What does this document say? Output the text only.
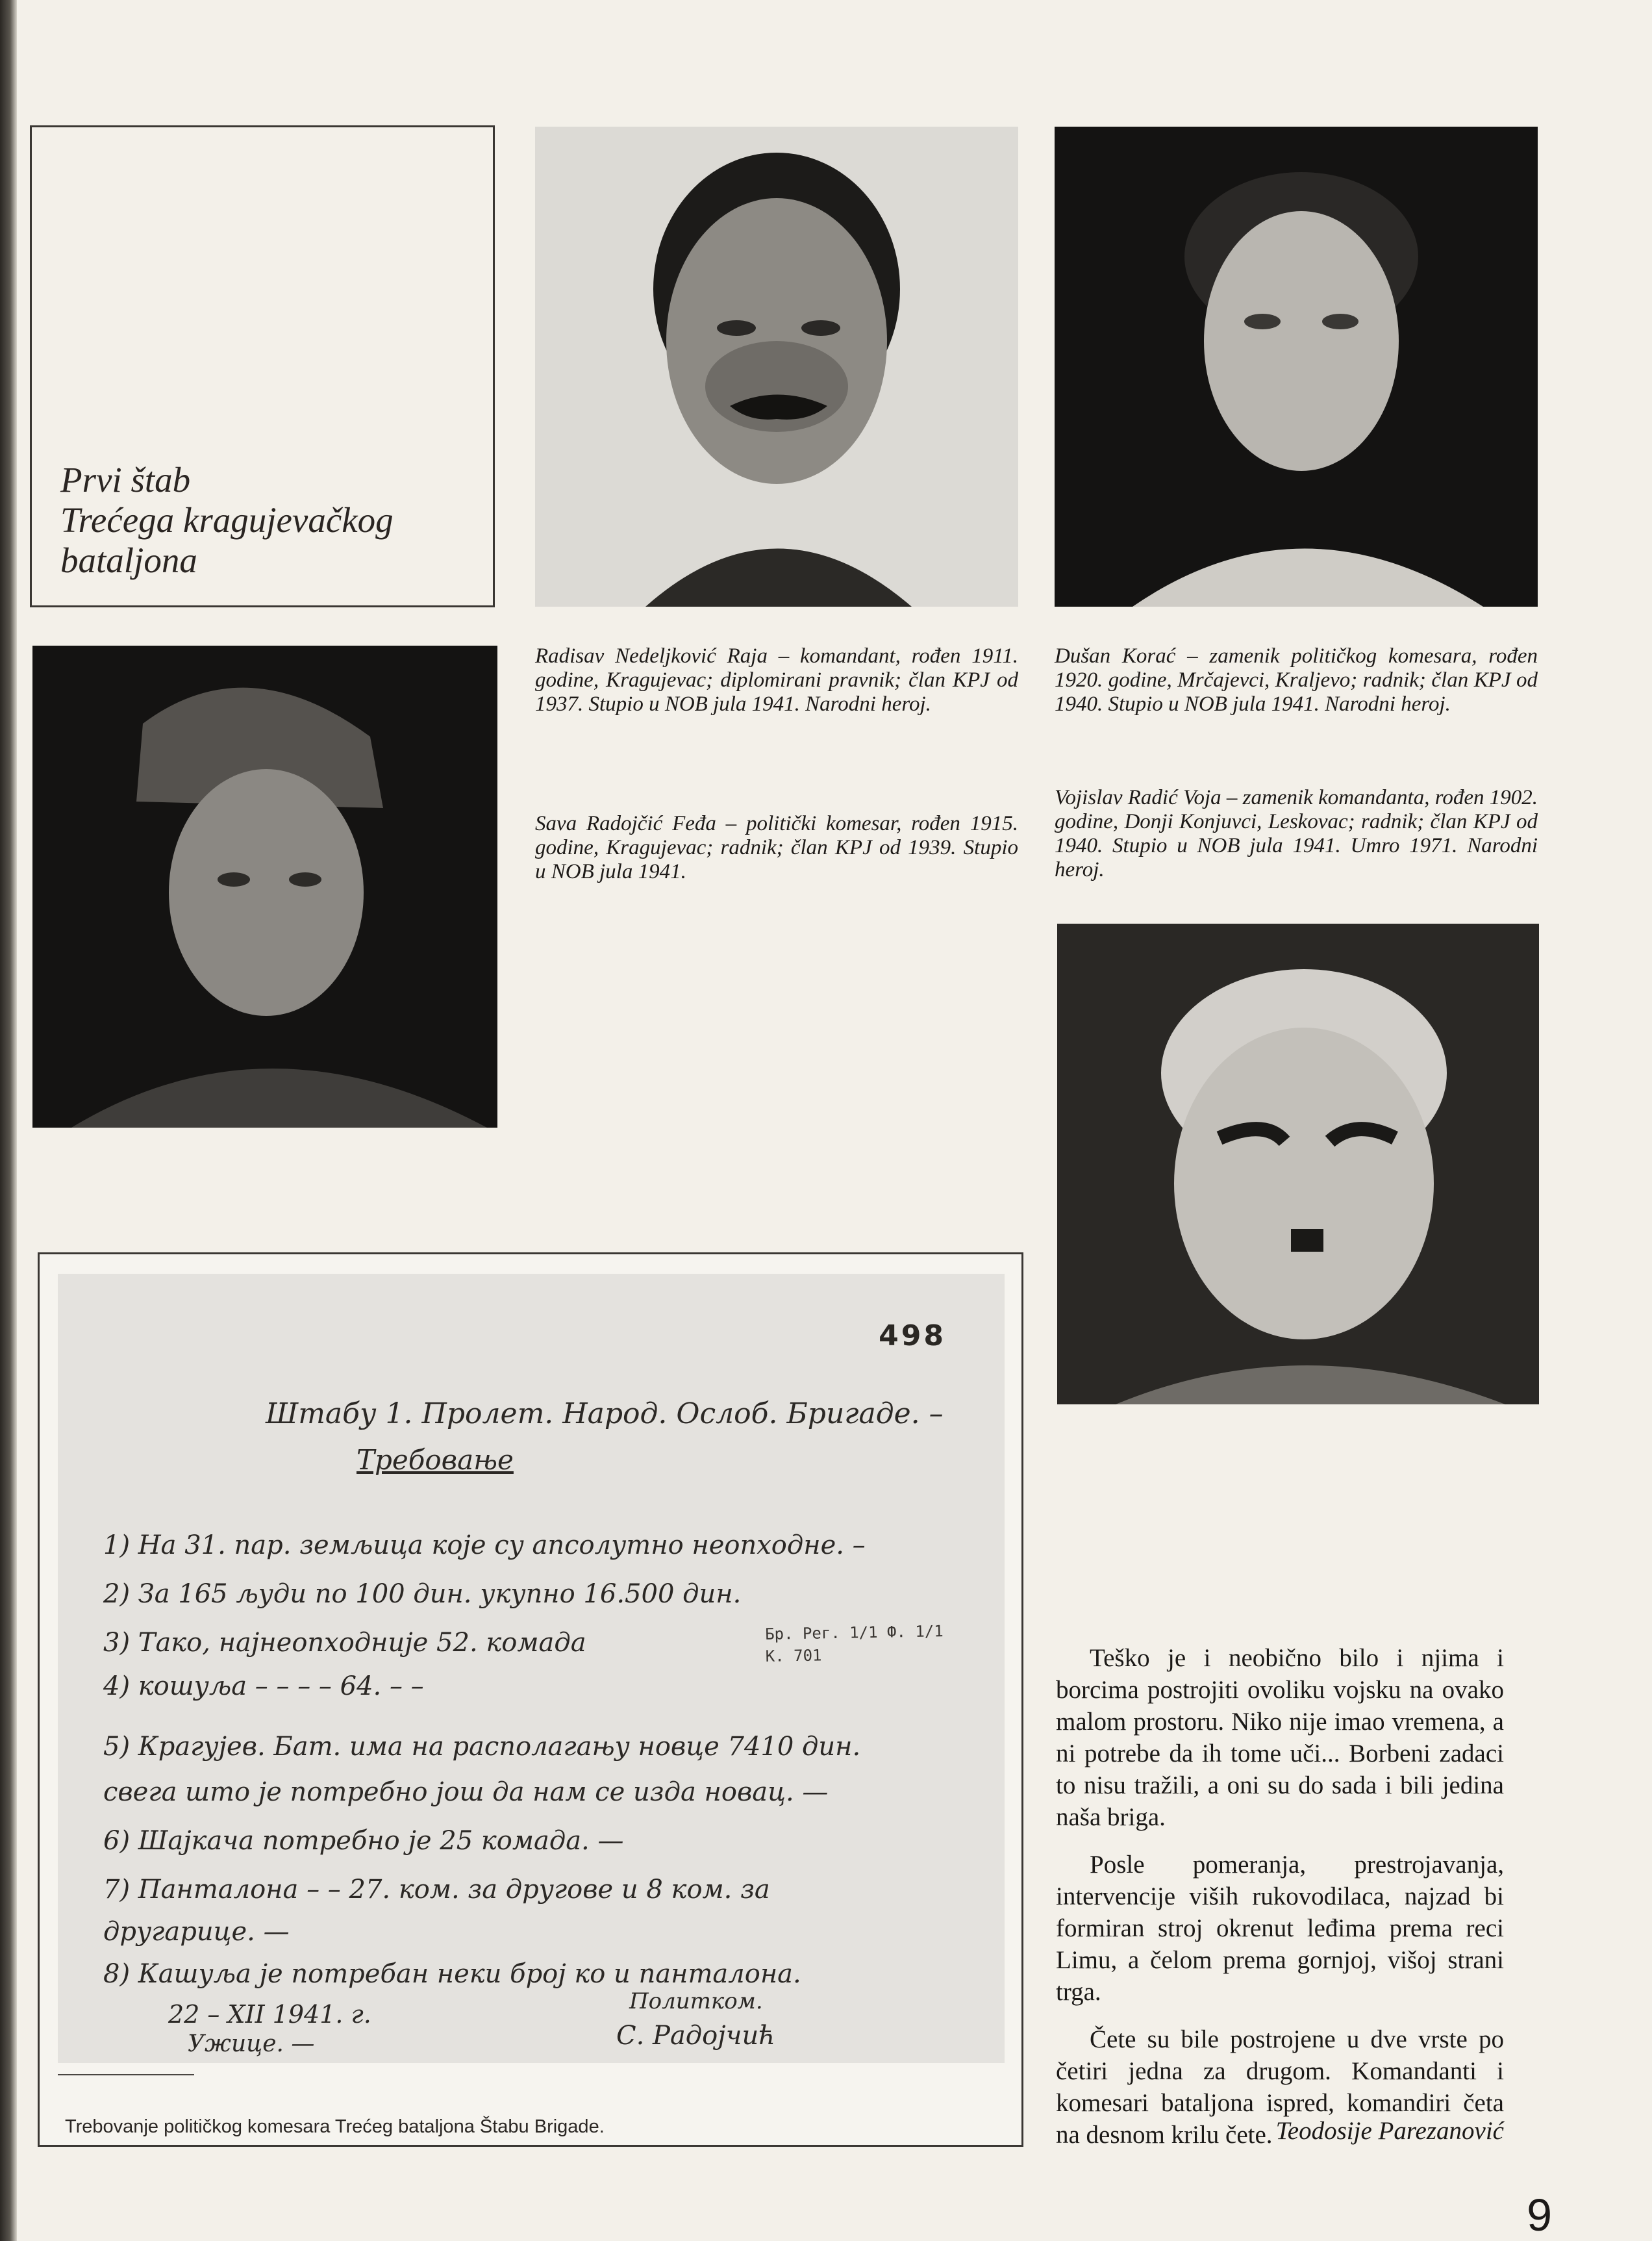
Prvi štab
Trećega kragujevačkog
bataljona

Radisav Nedeljković Raja – komandant, rođen 1911. godine, Kragujevac; diplomirani pravnik; član KPJ od 1937. Stupio u NOB jula 1941. Narodni heroj.

Sava Radojčić Feđa – politički komesar, rođen 1915. godine, Kragujevac; radnik; član KPJ od 1939. Stupio u NOB jula 1941.

Dušan Korać – zamenik političkog komesara, rođen 1920. godine, Mrčajevci, Kraljevo; radnik; član KPJ od 1940. Stupio u NOB jula 1941. Narodni heroj.

Vojislav Radić Voja – zamenik komandanta, rođen 1902. godine, Donji Konjuvci, Leskovac; radnik; član KPJ od 1940. Stupio u NOB jula 1941. Umro 1971. Narodni heroj.

498
Штабу 1. Пролет. Народ. Ослоб. Бригаде. –
Требовање
1) На 31. пар. земљица које су апсолутно неопходне. –
2) За 165 људи по 100 дин. укупно 16.500 дин.
3) Тако, најнеопходније 52. комада
4) кошуља – – – – 64. – –
Бр. Рег. 1/1 Ф. 1/1
К. 701
5) Крагујев. Бат. има на располагању новце 7410 дин.
свега што је потребно још да нам се изда новац. —
6) Шајкача потребно је 25 комада. —
7) Панталона – – 27. ком. за другове и 8 ком. за
другарице. —
8) Кашуља је потребан неки број ко и панталона.
22 – XII 1941. г.
Ужице. —
Политком.
С. Радојчић
Trebovanje političkog komesara Trećeg bataljona Štabu Brigade.

Teško je i neobično bilo i njima i borcima postrojiti ovoliku vojsku na ovako malom prostoru. Niko nije imao vremena, a ni potrebe da ih tome uči... Borbeni zadaci to nisu tražili, a oni su do sada i bili jedina naša briga.

Posle pomeranja, prestrojavanja, intervencije viših rukovodilaca, najzad bi formiran stroj okrenut leđima prema reci Limu, a čelom prema gornjoj, višoj strani trga.

Čete su bile postrojene u dve vrste po četiri jedna za drugom. Komandanti i komesari bataljona ispred, komandiri četa na desnom krilu čete. Teodosije Parezanović
9
